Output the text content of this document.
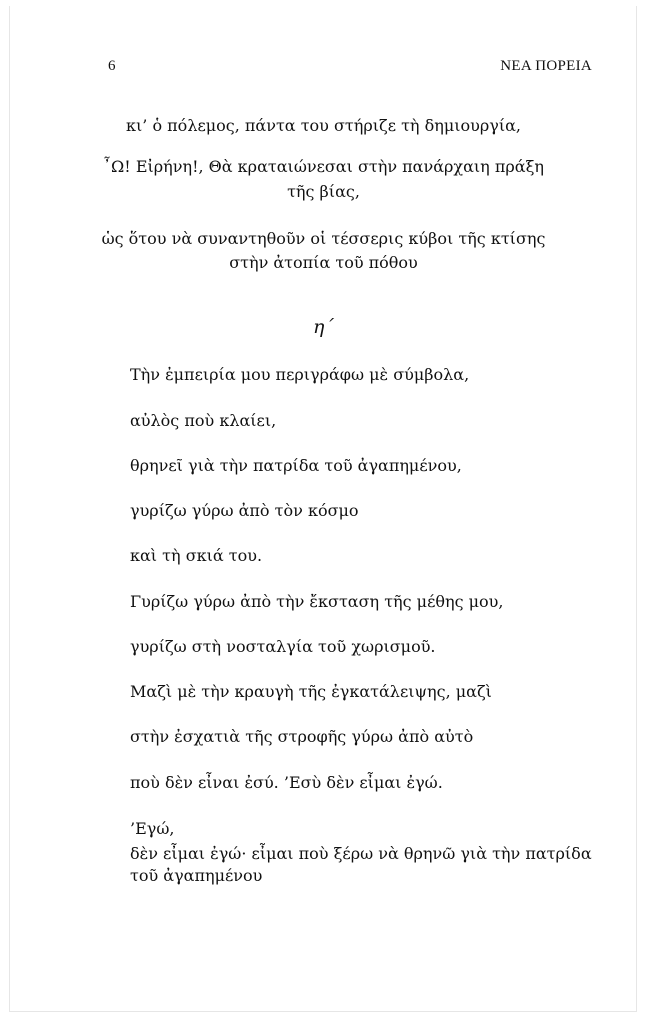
6	ΝΕΑ ΠΟΡΕΙΑ
κι’ ὁ πόλεμος, πάντα του στήριζε τὴ δημιουργία,
῏Ω! Εἰρήνη!, Θὰ κραταιώνεσαι στὴν πανάρχαιη πράξη
τῆς βίας,
ὡς ὅτου νὰ συναντηθοῦν οἱ τέσσερις κύβοι τῆς κτίσης
στὴν ἀτοπία τοῦ πόθου
η΄
Τὴν ἐμπειρία μου περιγράφω μὲ σύμβολα,
αὐλὸς ποὺ κλαίει,
θρηνεῖ γιὰ τὴν πατρίδα τοῦ ἀγαπημένου,
γυρίζω γύρω ἀπὸ τὸν κόσμο
καὶ τὴ σκιά του.
Γυρίζω γύρω ἀπὸ τὴν ἔκσταση τῆς μέθης μου,
γυρίζω στὴ νοσταλγία τοῦ χωρισμοῦ.
Μαζὶ μὲ τὴν κραυγὴ τῆς ἐγκατάλειψης, μαζὶ
στὴν ἐσχατιὰ τῆς στροφῆς γύρω ἀπὸ αὐτὸ
ποὺ δὲν εἶναι ἐσύ. ’Εσὺ δὲν εἶμαι ἐγώ.
’Εγώ,
δὲν εἶμαι ἐγώ· εἶμαι ποὺ ξέρω νὰ θρηνῶ γιὰ τὴν πατρίδα
τοῦ ἀγαπημένου
